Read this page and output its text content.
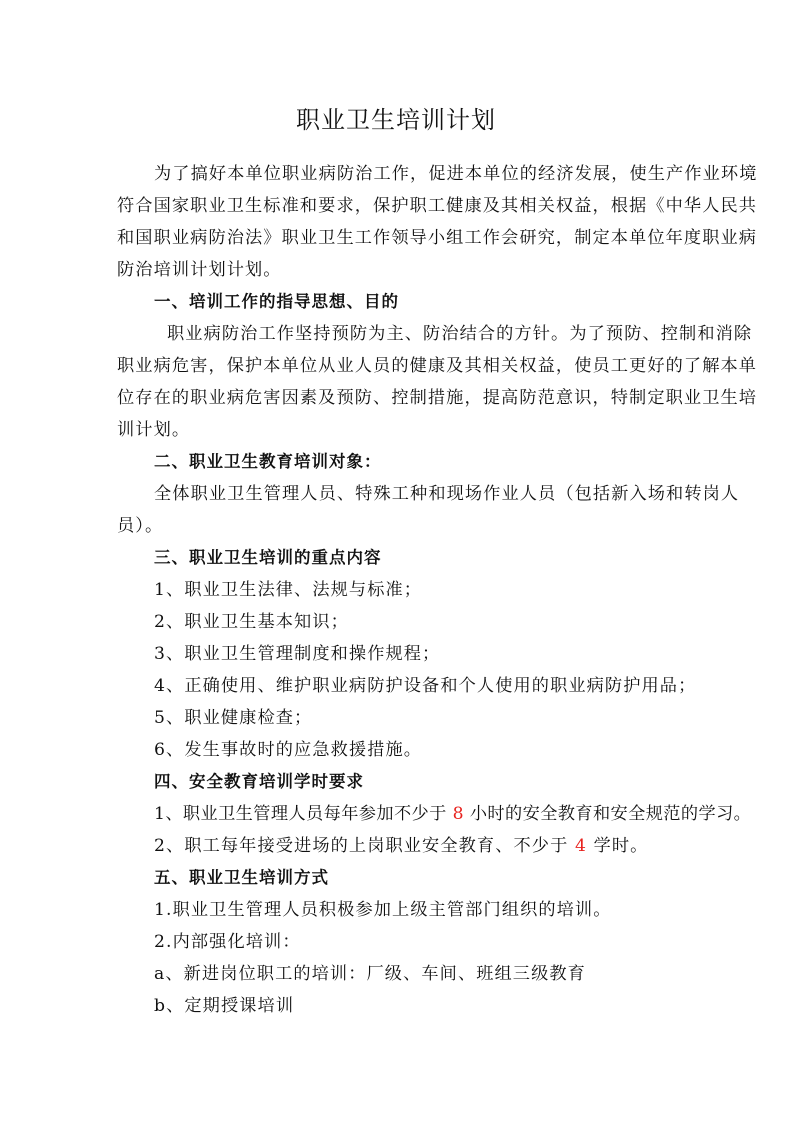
职业卫生培训计划
为了搞好本单位职业病防治工作，促进本单位的经济发展，使生产作业环境
符合国家职业卫生标准和要求，保护职工健康及其相关权益，根据《中华人民共
和国职业病防治法》职业卫生工作领导小组工作会研究，制定本单位年度职业病
防治培训计划计划。
一、培训工作的指导思想、目的
职业病防治工作坚持预防为主、防治结合的方针。为了预防、控制和消除
职业病危害，保护本单位从业人员的健康及其相关权益，使员工更好的了解本单
位存在的职业病危害因素及预防、控制措施，提高防范意识，特制定职业卫生培
训计划。
二、职业卫生教育培训对象：
全体职业卫生管理人员、特殊工种和现场作业人员（包括新入场和转岗人
员）。
三、职业卫生培训的重点内容
1、职业卫生法律、法规与标准；
2、职业卫生基本知识；
3、职业卫生管理制度和操作规程；
4、正确使用、维护职业病防护设备和个人使用的职业病防护用品；
5、职业健康检查；
6、发生事故时的应急救援措施。
四、安全教育培训学时要求
1、职业卫生管理人员每年参加不少于 8 小时的安全教育和安全规范的学习。
2、职工每年接受进场的上岗职业安全教育、不少于 4 学时。
五、职业卫生培训方式
1.职业卫生管理人员积极参加上级主管部门组织的培训。
2.内部强化培训：
a、新进岗位职工的培训：厂级、车间、班组三级教育
b、定期授课培训
